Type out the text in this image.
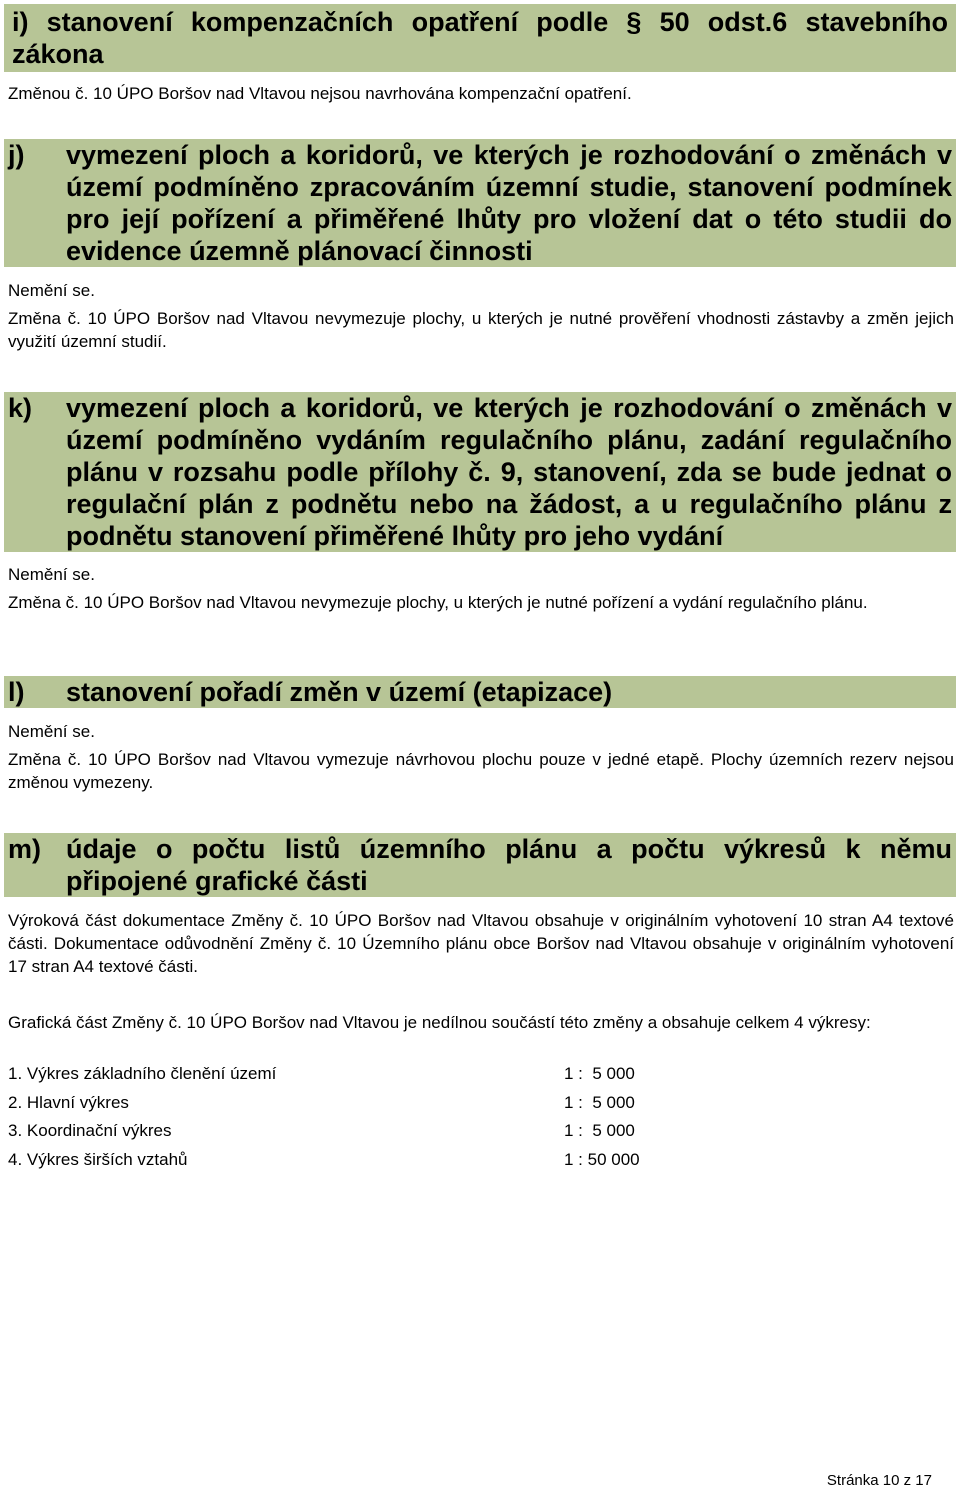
i) stanovení kompenzačních opatření podle § 50 odst.6 stavebního zákona

Změnou č. 10 ÚPO Boršov nad Vltavou nejsou navrhována kompenzační opatření.

j)	vymezení ploch a koridorů, ve kterých je rozhodování o změnách v území podmíněno zpracováním územní studie, stanovení podmínek pro její pořízení a přiměřené lhůty pro vložení dat o této studii do evidence územně plánovací činnosti

Nemění se.

Změna č. 10 ÚPO Boršov nad Vltavou nevymezuje plochy, u kterých je nutné prověření vhodnosti zástavby a změn jejich využití územní studií.

k)	vymezení ploch a koridorů, ve kterých je rozhodování o změnách v území podmíněno vydáním regulačního plánu, zadání regulačního plánu v rozsahu podle přílohy č. 9, stanovení, zda se bude jednat o regulační plán z podnětu nebo na žádost, a u regulačního plánu z podnětu stanovení přiměřené lhůty pro jeho vydání

Nemění se.

Změna č. 10 ÚPO Boršov nad Vltavou nevymezuje plochy, u kterých je nutné pořízení a vydání regulačního plánu.

l)	stanovení pořadí změn v území (etapizace)

Nemění se.

Změna č. 10 ÚPO Boršov nad Vltavou vymezuje návrhovou plochu pouze v jedné etapě. Plochy územních rezerv nejsou změnou vymezeny.

m) údaje o počtu listů územního plánu a počtu výkresů k němu připojené grafické části

Výroková část dokumentace Změny č. 10 ÚPO Boršov nad Vltavou obsahuje v originálním vyhotovení 10 stran A4 textové části. Dokumentace odůvodnění Změny č. 10 Územního plánu obce Boršov nad Vltavou obsahuje v originálním vyhotovení 17 stran A4 textové části.

Grafická část Změny č. 10 ÚPO Boršov nad Vltavou je nedílnou součástí této změny a obsahuje celkem 4 výkresy:

1. Výkres základního členění území	1 :  5 000
2. Hlavní výkres	1 :  5 000
3. Koordinační výkres	1 :  5 000
4. Výkres širších vztahů	1 : 50 000
Stránka 10 z 17
